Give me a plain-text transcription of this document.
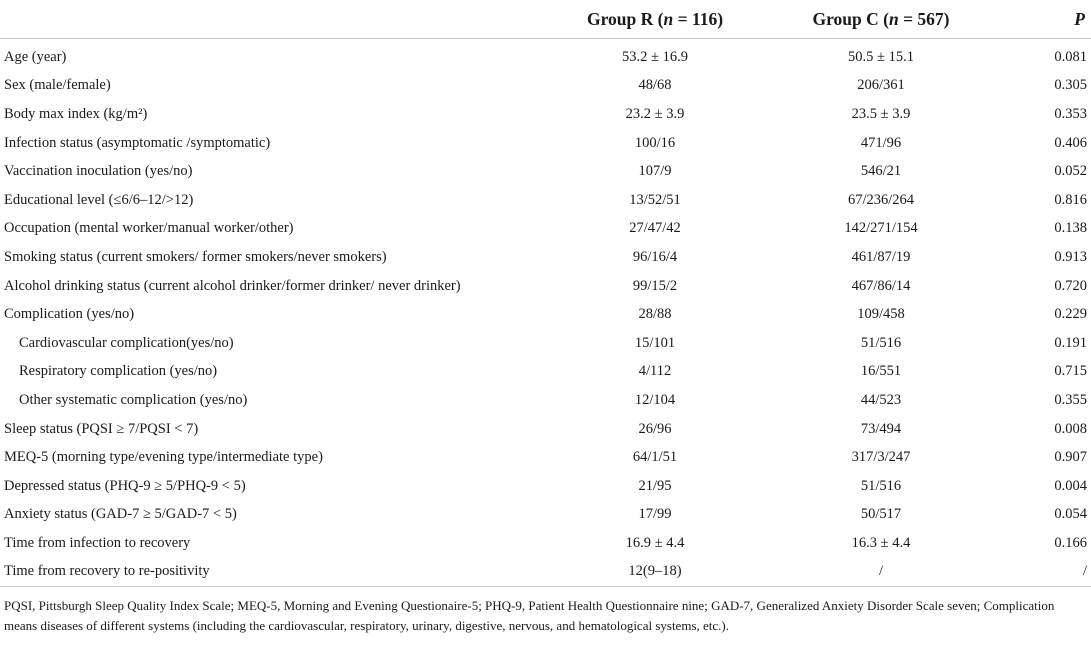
	Group R (n = 116)	Group C (n = 567)	P
Age (year)	53.2 ± 16.9	50.5 ± 15.1	0.081
Sex (male/female)	48/68	206/361	0.305
Body max index (kg/m²)	23.2 ± 3.9	23.5 ± 3.9	0.353
Infection status (asymptomatic /symptomatic)	100/16	471/96	0.406
Vaccination inoculation (yes/no)	107/9	546/21	0.052
Educational level (≤6/6–12/>12)	13/52/51	67/236/264	0.816
Occupation (mental worker/manual worker/other)	27/47/42	142/271/154	0.138
Smoking status (current smokers/ former smokers/never smokers)	96/16/4	461/87/19	0.913
Alcohol drinking status (current alcohol drinker/former drinker/ never drinker)	99/15/2	467/86/14	0.720
Complication (yes/no)	28/88	109/458	0.229
Cardiovascular complication(yes/no)	15/101	51/516	0.191
Respiratory complication (yes/no)	4/112	16/551	0.715
Other systematic complication (yes/no)	12/104	44/523	0.355
Sleep status (PQSI ≥ 7/PQSI < 7)	26/96	73/494	0.008
MEQ-5 (morning type/evening type/intermediate type)	64/1/51	317/3/247	0.907
Depressed status (PHQ-9 ≥ 5/PHQ-9 < 5)	21/95	51/516	0.004
Anxiety status (GAD-7 ≥ 5/GAD-7 < 5)	17/99	50/517	0.054
Time from infection to recovery	16.9 ± 4.4	16.3 ± 4.4	0.166
Time from recovery to re-positivity	12(9–18)	/	/
PQSI, Pittsburgh Sleep Quality Index Scale; MEQ-5, Morning and Evening Questionaire-5; PHQ-9, Patient Health Questionnaire nine; GAD-7, Generalized Anxiety Disorder Scale seven; Complication means diseases of different systems (including the cardiovascular, respiratory, urinary, digestive, nervous, and hematological systems, etc.).
